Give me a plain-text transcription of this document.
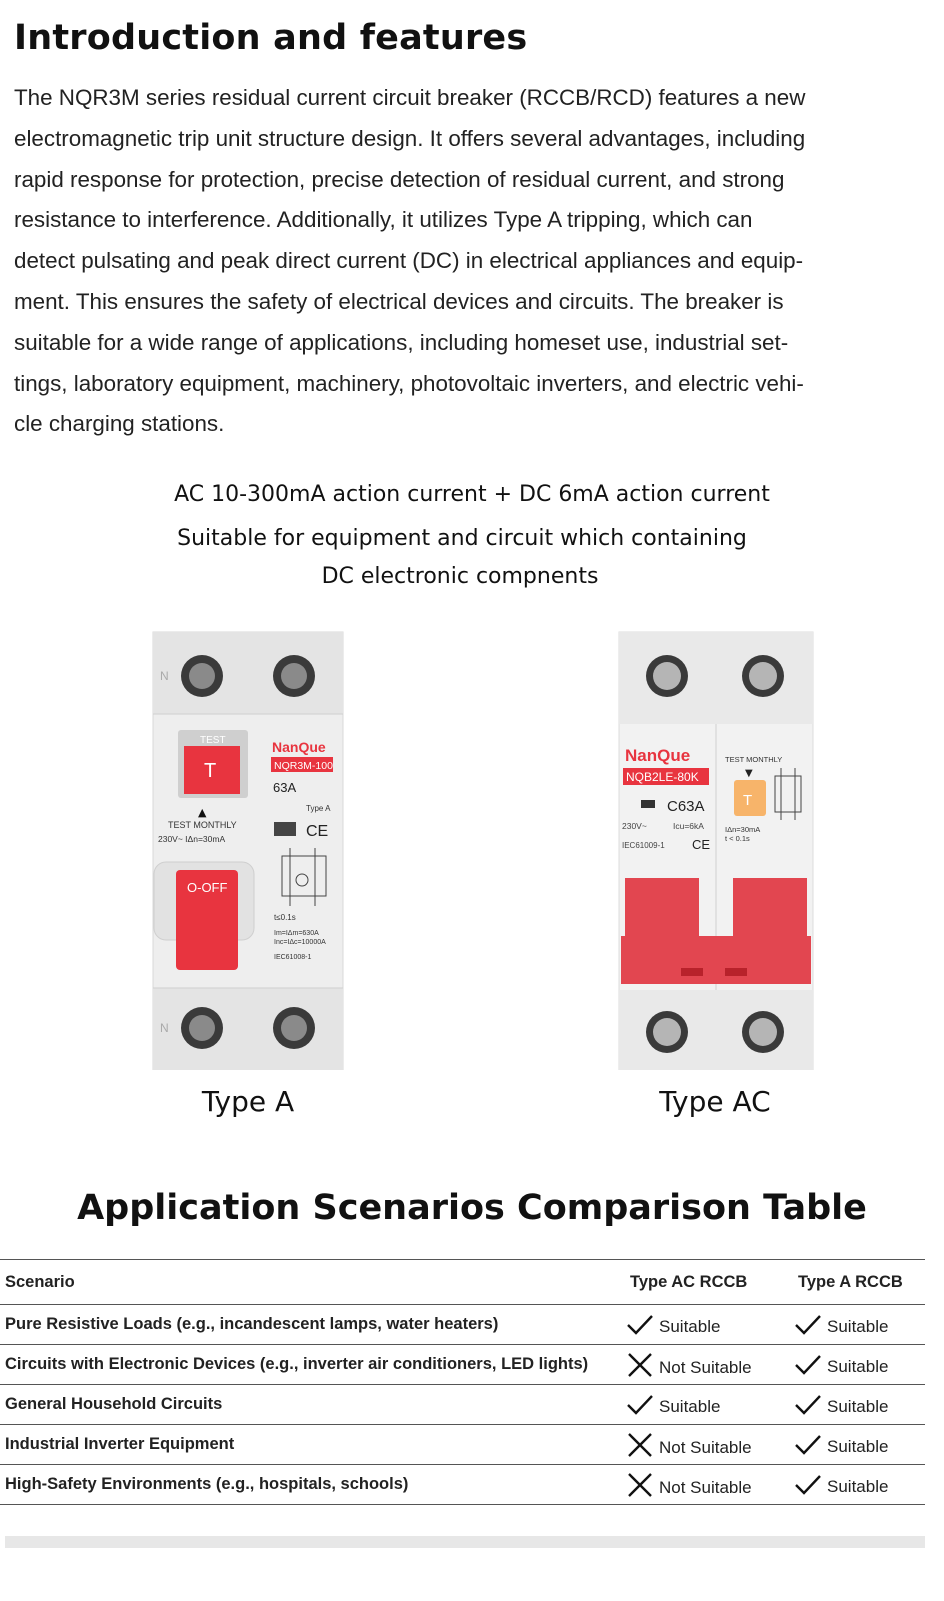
Introduction and features
The NQR3M series residual current circuit breaker (RCCB/RCD) features a new
electromagnetic trip unit structure design. It offers several advantages, including
rapid response for protection, precise detection of residual current, and strong
resistance to interference. Additionally, it utilizes Type A tripping, which can
detect pulsating and peak direct current (DC) in electrical appliances and equip-
ment. This ensures the safety of electrical devices and circuits. The breaker is
suitable for a wide range of applications, including homeset use, industrial set-
tings, laboratory equipment, machinery, photovoltaic inverters, and electric vehi-
cle charging stations.
AC 10-300mA action current + DC 6mA action current
Suitable for equipment and circuit which containing
DC electronic compnents
N
N
TEST
T
▲
TEST MONTHLY
230V~ IΔn=30mA
NanQue
NQR3M-100
63A
Type A
CE
t≤0.1s
Im=IΔm=630A
Inc=IΔc=10000A
IEC61008-1
O-OFF
Type A
NanQue
NQB2LE-80K
C63A
230V~	Icu=6kA
IEC61009-1 CE
TEST MONTHLY
▼
T
IΔn=30mA
t < 0.1s
Type AC
Application Scenarios Comparison Table
Scenario	Type AC RCCB	Type A RCCB
Pure Resistive Loads (e.g., incandescent lamps, water heaters)	Suitable	Suitable

Circuits with Electronic Devices (e.g., inverter air conditioners, LED lights)	Not Suitable	Suitable

General Household Circuits	Suitable	Suitable

Industrial Inverter Equipment	Not Suitable	Suitable

High-Safety Environments (e.g., hospitals, schools)	Not Suitable	Suitable
